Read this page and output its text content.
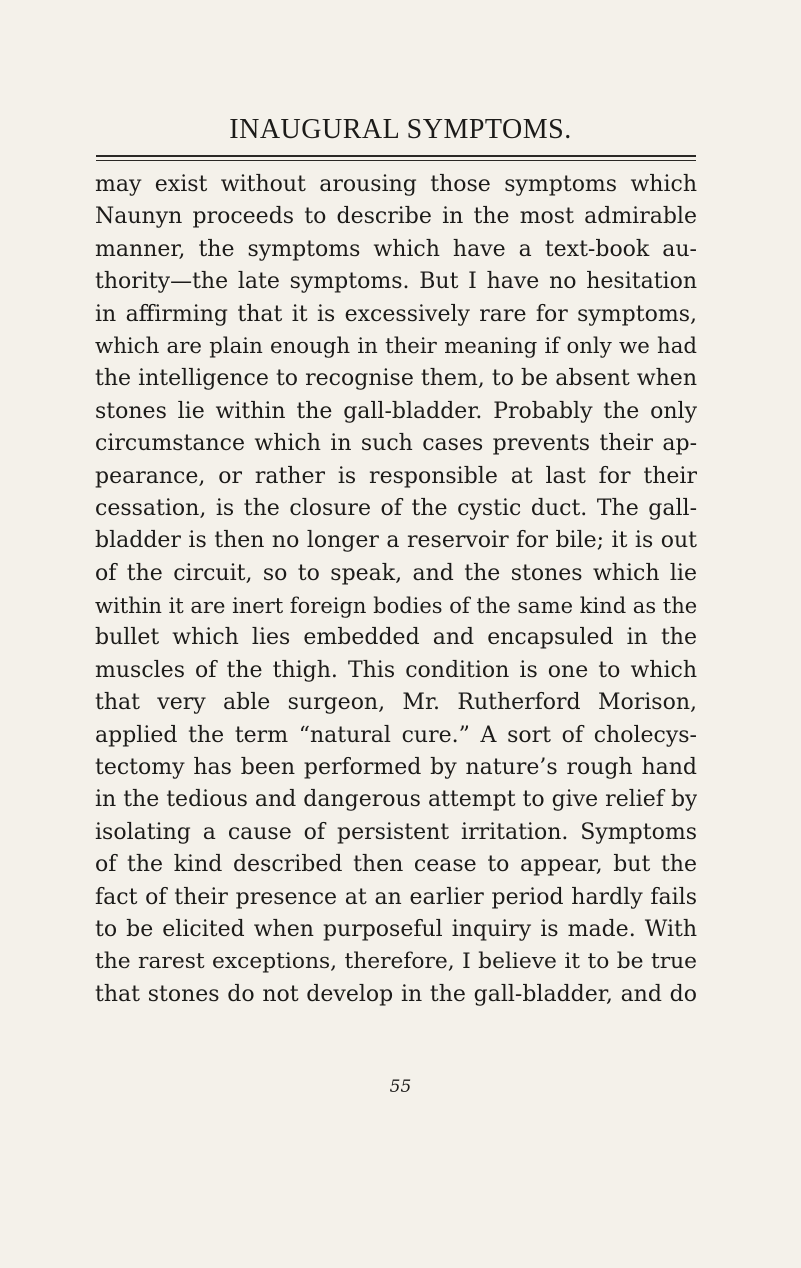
INAUGURAL SYMPTOMS.
may exist without arousing those symptoms which
Naunyn proceeds to describe in the most admirable
manner, the symptoms which have a text-book au-
thority—the late symptoms. But I have no hesitation
in affirming that it is excessively rare for symptoms,
which are plain enough in their meaning if only we had
the intelligence to recognise them, to be absent when
stones lie within the gall-bladder. Probably the only
circumstance which in such cases prevents their ap-
pearance, or rather is responsible at last for their
cessation, is the closure of the cystic duct. The gall-
bladder is then no longer a reservoir for bile; it is out
of the circuit, so to speak, and the stones which lie
within it are inert foreign bodies of the same kind as the
bullet which lies embedded and encapsuled in the
muscles of the thigh. This condition is one to which
that very able surgeon, Mr. Rutherford Morison,
applied the term “natural cure.” A sort of cholecys-
tectomy has been performed by nature’s rough hand
in the tedious and dangerous attempt to give relief by
isolating a cause of persistent irritation. Symptoms
of the kind described then cease to appear, but the
fact of their presence at an earlier period hardly fails
to be elicited when purposeful inquiry is made. With
the rarest exceptions, therefore, I believe it to be true
that stones do not develop in the gall-bladder, and do
55
